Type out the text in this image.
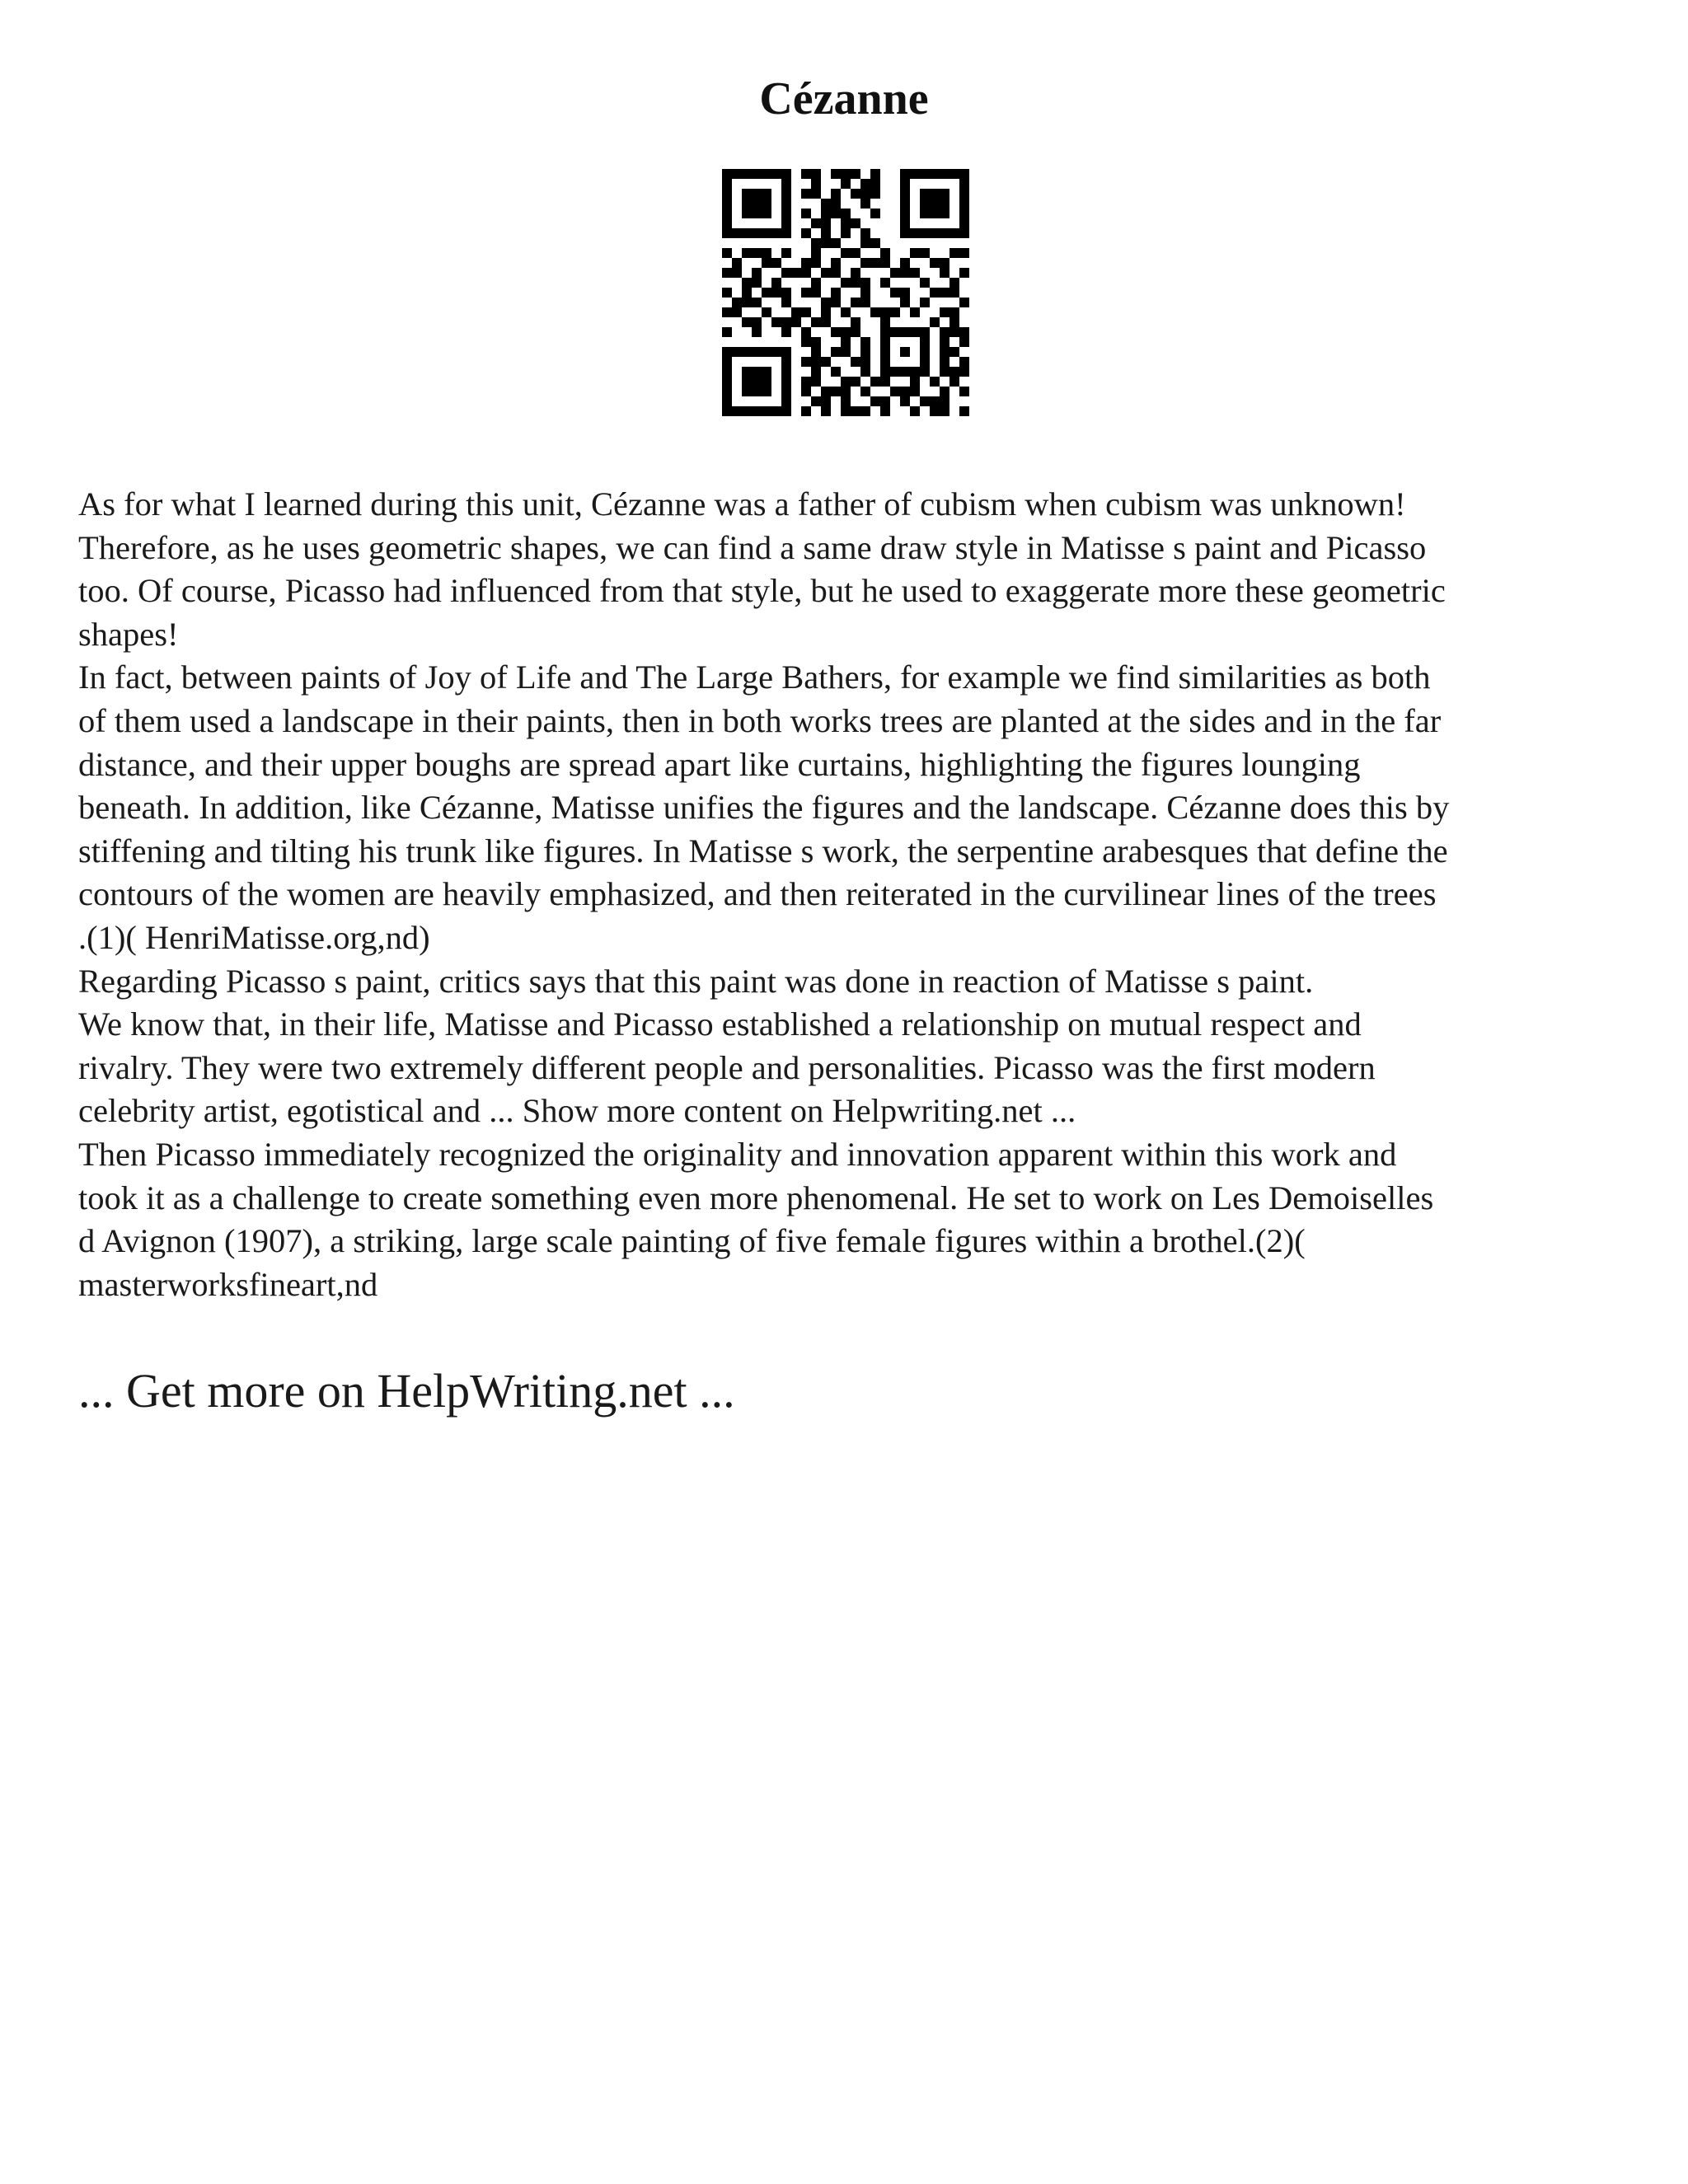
Cézanne
As for what I learned during this unit, Cézanne was a father of cubism when cubism was unknown!
Therefore, as he uses geometric shapes, we can find a same draw style in Matisse s paint and Picasso
too. Of course, Picasso had influenced from that style, but he used to exaggerate more these geometric
shapes!
In fact, between paints of Joy of Life and The Large Bathers, for example we find similarities as both
of them used a landscape in their paints, then in both works trees are planted at the sides and in the far
distance, and their upper boughs are spread apart like curtains, highlighting the figures lounging
beneath. In addition, like Cézanne, Matisse unifies the figures and the landscape. Cézanne does this by
stiffening and tilting his trunk like figures. In Matisse s work, the serpentine arabesques that define the
contours of the women are heavily emphasized, and then reiterated in the curvilinear lines of the trees
.(1)( HenriMatisse.org,nd)
Regarding Picasso s paint, critics says that this paint was done in reaction of Matisse s paint.
We know that, in their life, Matisse and Picasso established a relationship on mutual respect and
rivalry. They were two extremely different people and personalities. Picasso was the first modern
celebrity artist, egotistical and ... Show more content on Helpwriting.net ...
Then Picasso immediately recognized the originality and innovation apparent within this work and
took it as a challenge to create something even more phenomenal. He set to work on Les Demoiselles
d Avignon (1907), a striking, large scale painting of five female figures within a brothel.(2)(
masterworksfineart,nd
... Get more on HelpWriting.net ...
